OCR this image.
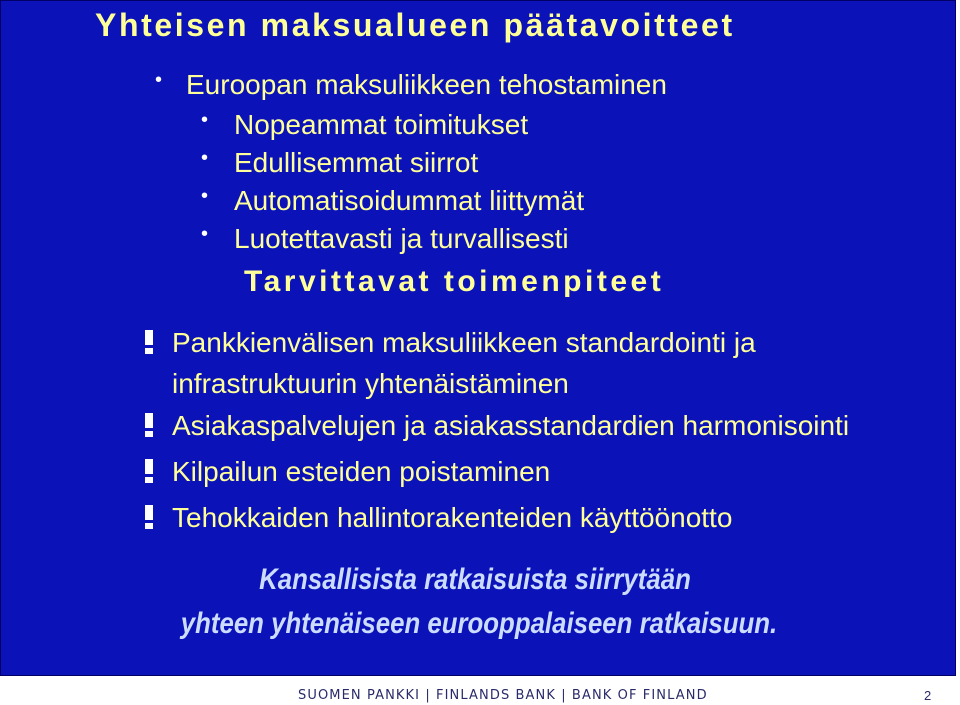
Yhteisen maksualueen päätavoitteet
• Euroopan maksuliikkeen tehostaminen
• Nopeammat toimitukset
• Edullisemmat siirrot
• Automatisoidummat liittymät
• Luotettavasti ja turvallisesti
Tarvittavat toimenpiteet
Pankkienvälisen maksuliikkeen standardointi ja
infrastruktuurin yhtenäistäminen
Asiakaspalvelujen ja asiakasstandardien harmonisointi
Kilpailun esteiden poistaminen
Tehokkaiden hallintorakenteiden käyttöönotto
Kansallisista ratkaisuista siirrytään
yhteen yhtenäiseen eurooppalaiseen ratkaisuun.
SUOMEN PANKKI | FINLANDS BANK | BANK OF FINLAND	2
